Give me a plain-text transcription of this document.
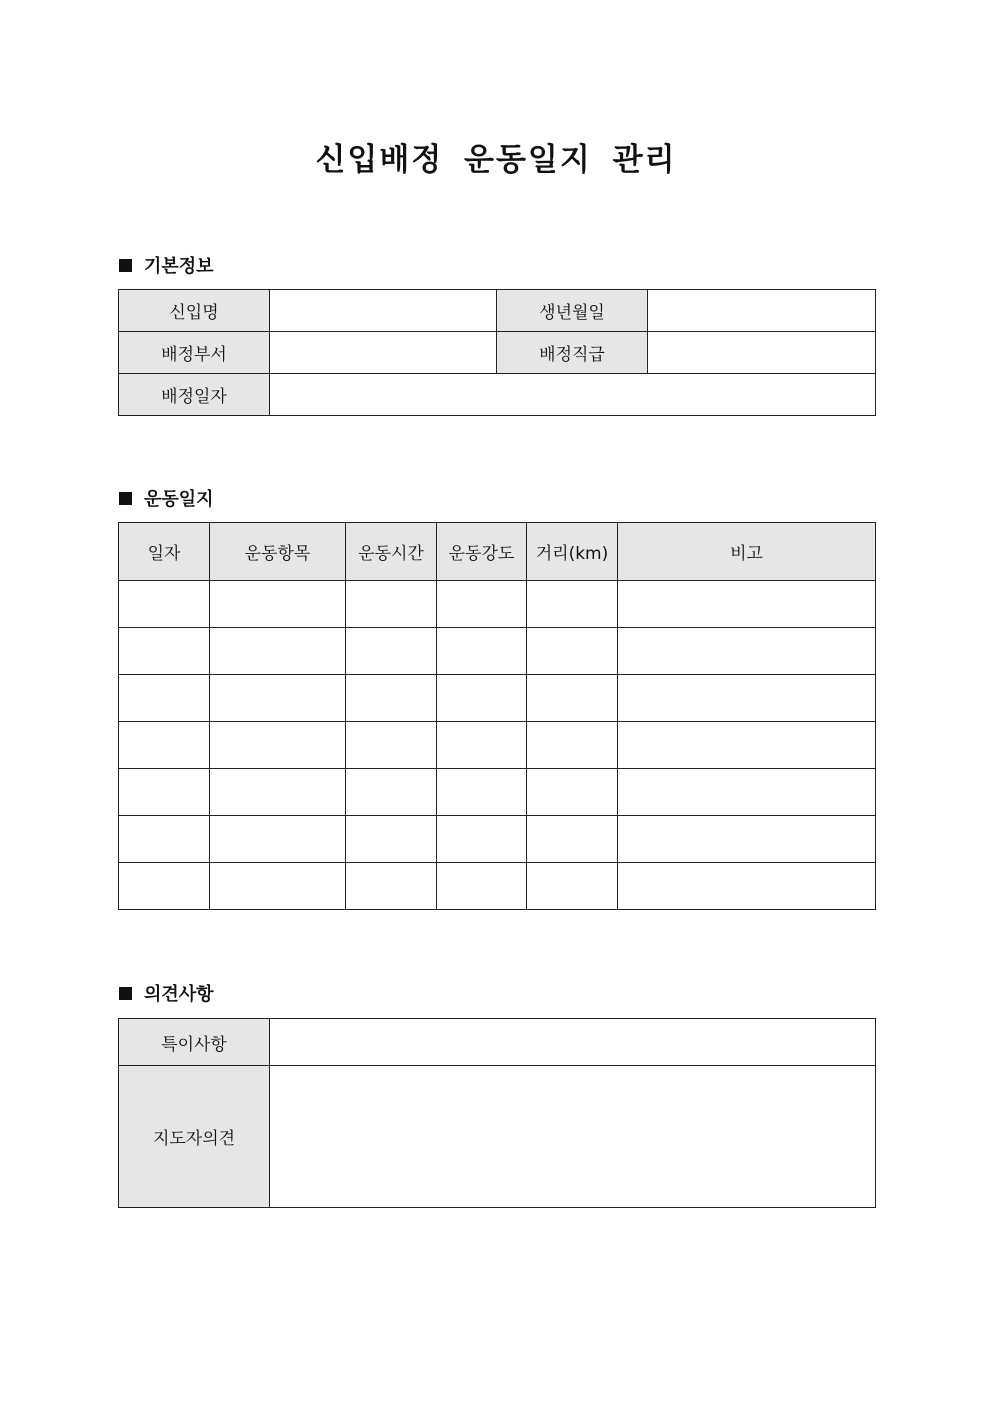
신입배정 운동일지 관리
기본정보
신입명		생년월일	
배정부서		배정직급	
배정일자			
운동일지
일자	운동항목	운동시간	운동강도	거리(km)	비고

의견사항
특이사항	
지도자의견	
